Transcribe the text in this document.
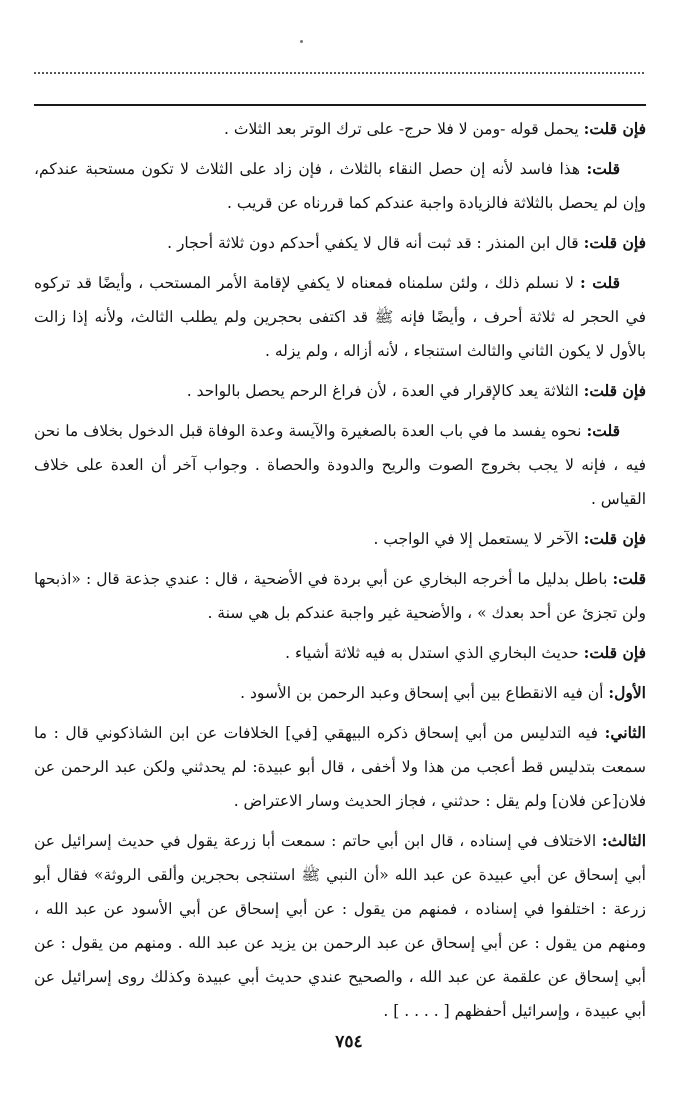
فإن قلت: يحمل قوله -ومن لا فلا حرج- على ترك الوتر بعد الثلاث .

قلت: هذا فاسد لأنه إن حصل النقاء بالثلاث ، فإن زاد على الثلاث لا تكون مستحبة عندكم، وإن لم يحصل بالثلاثة فالزيادة واجبة عندكم كما قررناه عن قريب .

فإن قلت: قال ابن المنذر : قد ثبت أنه قال لا يكفي أحدكم دون ثلاثة أحجار .

قلت : لا نسلم ذلك ، ولئن سلمناه فمعناه لا يكفي لإقامة الأمر المستحب ، وأيضًا قد تركوه في الحجر له ثلاثة أحرف ، وأيضًا فإنه ﷺ قد اكتفى بحجرين ولم يطلب الثالث، ولأنه إذا زالت بالأول لا يكون الثاني والثالث استنجاء ، لأنه أزاله ، ولم يزله .

فإن قلت: الثلاثة يعد كالإقرار في العدة ، لأن فراغ الرحم يحصل بالواحد .

قلت: نحوه يفسد ما في باب العدة بالصغيرة والآيسة وعدة الوفاة قبل الدخول بخلاف ما نحن فيه ، فإنه لا يجب بخروج الصوت والريح والدودة والحصاة . وجواب آخر أن العدة على خلاف القياس .

فإن قلت: الآخر لا يستعمل إلا في الواجب .

قلت: باطل بدليل ما أخرجه البخاري عن أبي بردة في الأضحية ، قال : عندي جذعة قال : «اذبحها ولن تجزئ عن أحد بعدك » ، والأضحية غير واجبة عندكم بل هي سنة .

فإن قلت: حديث البخاري الذي استدل به فيه ثلاثة أشياء .

الأول: أن فيه الانقطاع بين أبي إسحاق وعبد الرحمن بن الأسود .

الثاني: فيه التدليس من أبي إسحاق ذكره البيهقي [في] الخلافات عن ابن الشاذكوني قال : ما سمعت بتدليس قط أعجب من هذا ولا أخفى ، قال أبو عبيدة: لم يحدثني ولكن عبد الرحمن عن فلان[عن فلان] ولم يقل : حدثني ، فجاز الحديث وسار الاعتراض .

الثالث: الاختلاف في إسناده ، قال ابن أبي حاتم : سمعت أبا زرعة يقول في حديث إسرائيل عن أبي إسحاق عن أبي عبيدة عن عبد الله «أن النبي ﷺ استنجى بحجرين وألقى الروثة» فقال أبو زرعة : اختلفوا في إسناده ، فمنهم من يقول : عن أبي إسحاق عن أبي الأسود عن عبد الله ، ومنهم من يقول : عن أبي إسحاق عن عبد الرحمن بن يزيد عن عبد الله . ومنهم من يقول : عن أبي إسحاق عن علقمة عن عبد الله ، والصحيح عندي حديث أبي عبيدة وكذلك روى إسرائيل عن أبي عبيدة ، وإسرائيل أحفظهم [ . . . . ] .

٧٥٤
